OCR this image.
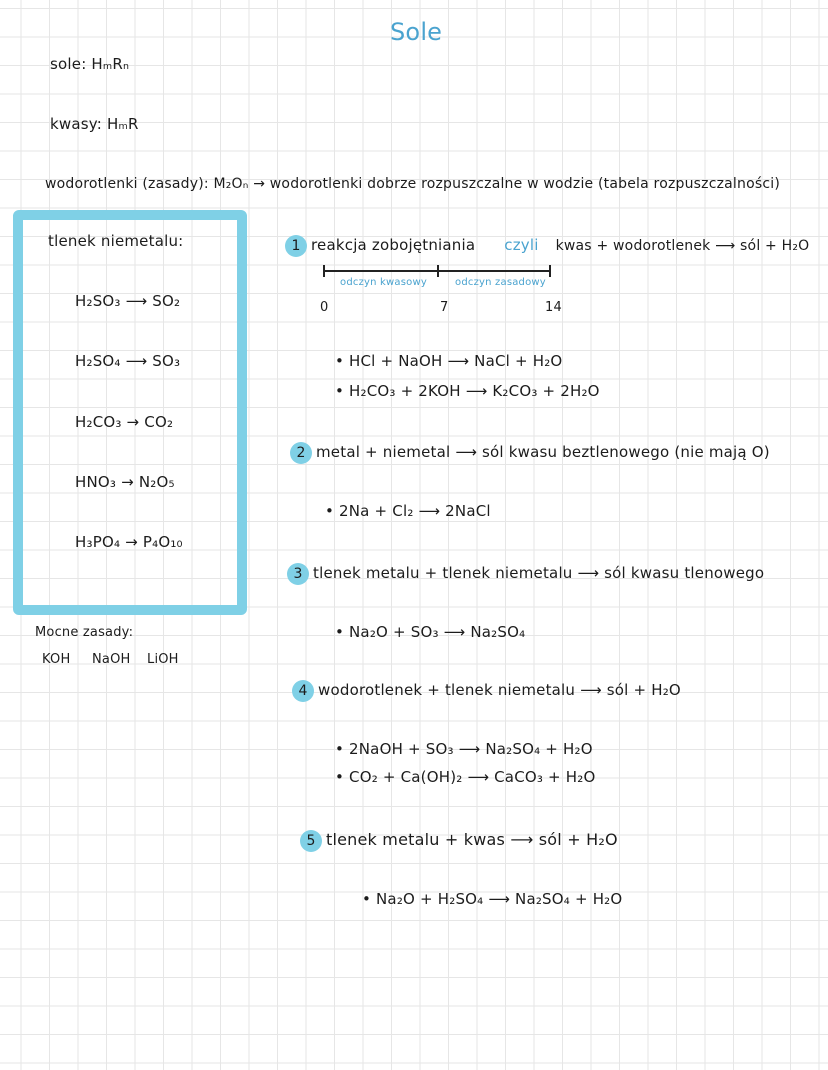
Sole
sole: HₘRₙ
kwasy: HₘR
wodorotlenki (zasady): M₂Oₙ → wodorotlenki dobrze rozpuszczalne w wodzie (tabela rozpuszczalności)
tlenek niemetalu:
H₂SO₃ ⟶ SO₂
H₂SO₄ ⟶ SO₃
H₂CO₃ → CO₂
HNO₃ → N₂O₅
H₃PO₄ → P₄O₁₀
Mocne zasady:
KOH NaOH LiOH
1 reakcja zobojętniania czyli kwas + wodorotlenek ⟶ sól + H₂O
odczyn kwasowy	odczyn zasadowy
0	7	14
• HCl + NaOH ⟶ NaCl + H₂O
• H₂CO₃ + 2KOH ⟶ K₂CO₃ + 2H₂O
2 metal + niemetal ⟶ sól kwasu beztlenowego (nie mają O)
• 2Na + Cl₂ ⟶ 2NaCl
3 tlenek metalu + tlenek niemetalu ⟶ sól kwasu tlenowego
• Na₂O + SO₃ ⟶ Na₂SO₄
4 wodorotlenek + tlenek niemetalu ⟶ sól + H₂O
• 2NaOH + SO₃ ⟶ Na₂SO₄ + H₂O
• CO₂ + Ca(OH)₂ ⟶ CaCO₃ + H₂O
5 tlenek metalu + kwas ⟶ sól + H₂O
• Na₂O + H₂SO₄ ⟶ Na₂SO₄ + H₂O
